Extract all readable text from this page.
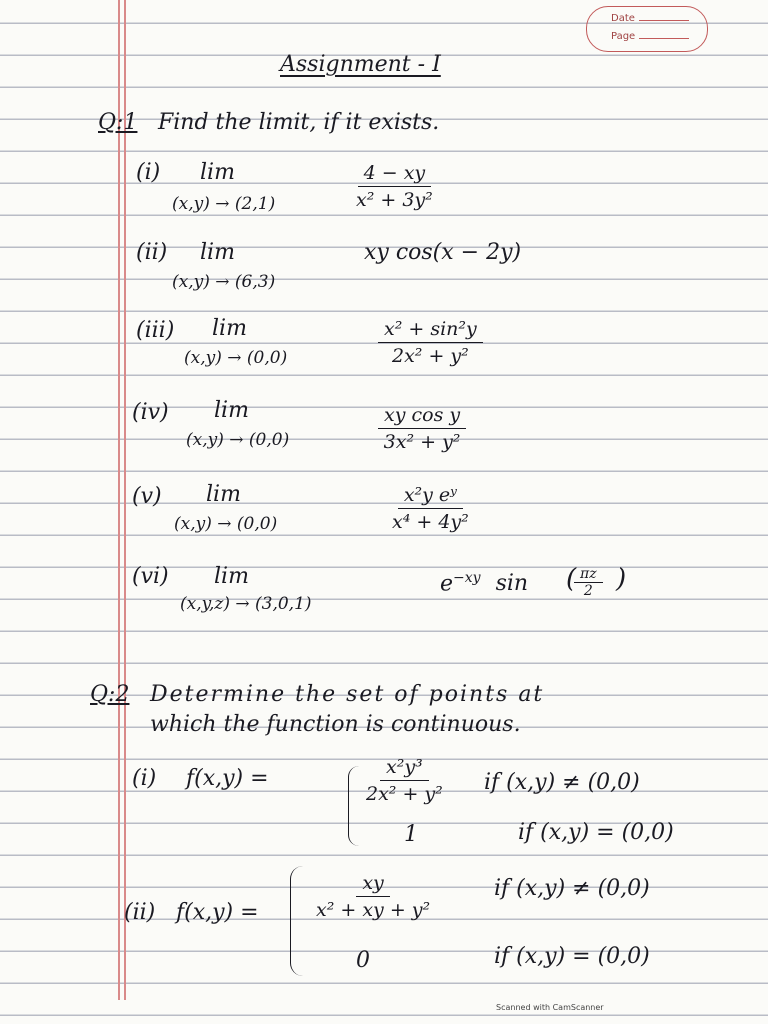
Date
Page
Assignment - I
Q:1 Find the limit, if it exists.
(i) lim
(x,y) → (2,1)	$\frac{4 - xy}{\text{x² + 3y²}}$
(ii) lim
(x,y) → (6,3)
xy cos(x − 2y)
(iii) lim
(x,y) → (0,0)	$\frac{\text{x² + sin²y}}{\text{2x² + y²}}$
(iv) lim
(x,y) → (0,0)	$\frac{\text{xy cos y}}{\text{3x² + y²}}$
(v) lim
(x,y) → (0,0)	$\frac{\text{x²y eʸ}}{\text{x⁴ + 4y²}}$
(vi) lim
(x,y,z) → (3,0,1)
$e^{-xy}$ sin (
$\frac{\pi z}{2}$ )
Q:2 Determine the set of points at
which the function is continuous.
(i) f(x,y) =	$\frac{\text{x²y³}}{\text{2x² + y²}}$ if (x,y) ≠ (0,0)
1	if (x,y) = (0,0)
(ii) f(x,y) =	$\frac{xy}{\text{x² + xy + y²}}$	if (x,y) ≠ (0,0)
0	if (x,y) = (0,0)
Scanned with CamScanner
